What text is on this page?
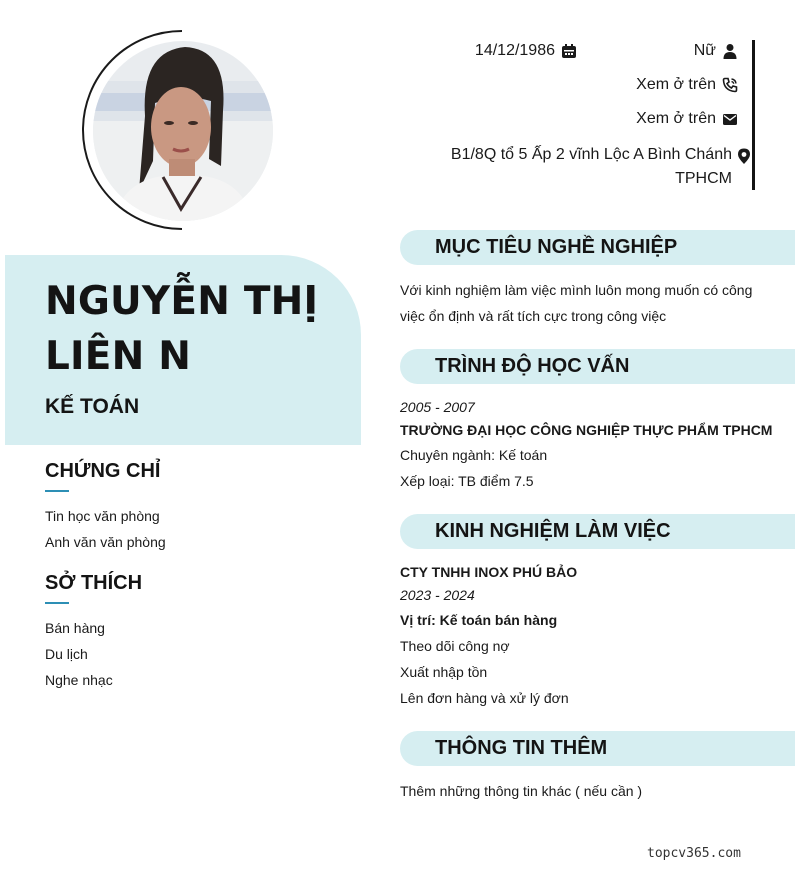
NGUYỄN THỊ
LIÊN N
KẾ TOÁN
CHỨNG CHỈ
Tin học văn phòng
Anh văn văn phòng
SỞ THÍCH
Bán hàng
Du lịch
Nghe nhạc
14/12/1986	Nữ
Xem ở trên
Xem ở trên
B1/8Q tổ 5 Ấp 2 vĩnh Lộc A Bình Chánh
TPHCM
MỤC TIÊU NGHỀ NGHIỆP
Với kinh nghiệm làm việc mình luôn mong muốn có công
việc ổn định và rất tích cực trong công việc
TRÌNH ĐỘ HỌC VẤN
2005 - 2007
TRƯỜNG ĐẠI HỌC CÔNG NGHIỆP THỰC PHẨM TPHCM
Chuyên ngành: Kế toán
Xếp loại: TB điểm 7.5
KINH NGHIỆM LÀM VIỆC
CTY TNHH INOX PHÚ BẢO
2023 - 2024
Vị trí: Kế toán bán hàng
Theo dõi công nợ
Xuất nhập tồn
Lên đơn hàng và xử lý đơn
THÔNG TIN THÊM
Thêm những thông tin khác ( nếu cần )
topcv365.com
